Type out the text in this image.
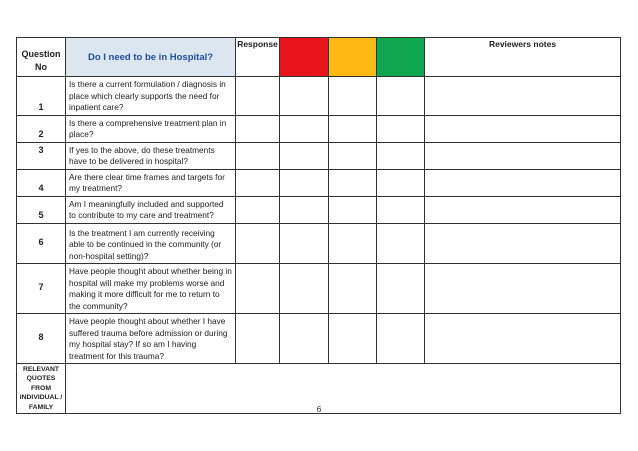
Question No	Do I need to be in Hospital?	Response				Reviewers notes
1	Is there a current formulation / diagnosis in place which clearly supports the need for inpatient care?					
2	Is there a comprehensive treatment plan in place?					
3	If yes to the above, do these treatments have to be delivered in hospital?					
4	Are there clear time frames and targets for my treatment?					
5	Am I meaningfully included and supported to contribute to my care and treatment?					
6	Is the treatment I am currently receiving able to be continued in the community (or non-hospital setting)?					
7	Have people thought about whether being in hospital will make my problems worse and making it more difficult for me to return to the community?					
8	Have people thought about whether I have suffered trauma before admission or during my hospital stay? If so am I having treatment for this trauma?					
RELEVANT QUOTES FROM INDIVIDUAL / FAMILY							6
